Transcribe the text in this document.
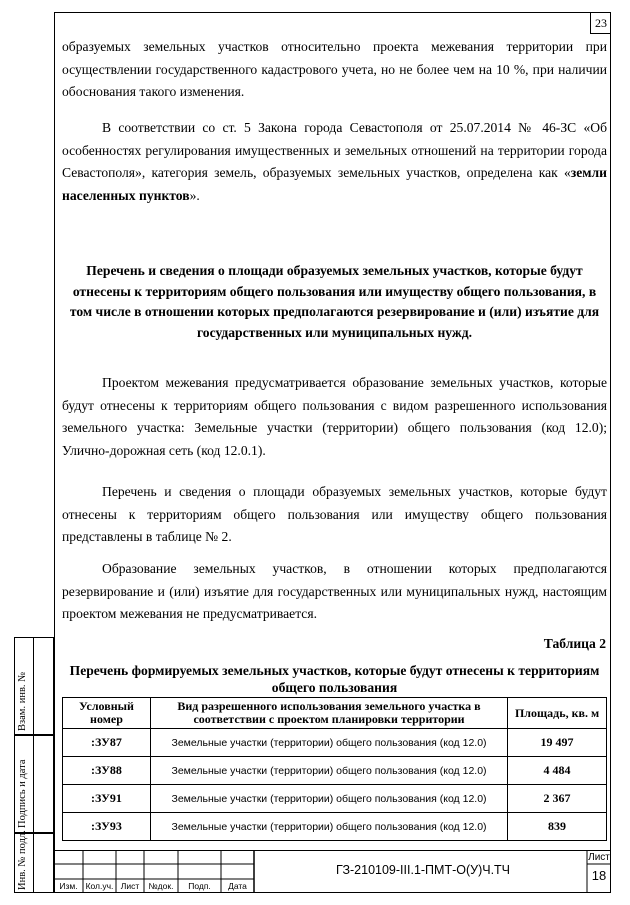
23

образуемых земельных участков относительно проекта межевания территории при осуществлении государственного кадастрового учета, но не более чем на 10 %, при наличии обоснования такого изменения.

В соответствии со ст. 5 Закона города Севастополя от 25.07.2014 № 46-ЗС «Об особенностях регулирования имущественных и земельных отношений на территории города Севастополя», категория земель, образуемых земельных участков, определена как «земли населенных пунктов».

Перечень и сведения о площади образуемых земельных участков, которые будут отнесены к территориям общего пользования или имуществу общего пользования, в том числе в отношении которых предполагаются резервирование и (или) изъятие для государственных или муниципальных нужд.

Проектом межевания предусматривается образование земельных участков, которые будут отнесены к территориям общего пользования с видом разрешенного использования земельного участка: Земельные участки (территории) общего пользования (код 12.0); Улично-дорожная сеть (код 12.0.1).

Перечень и сведения о площади образуемых земельных участков, которые будут отнесены к территориям общего пользования или имуществу общего пользования представлены в таблице № 2.

Образование земельных участков, в отношении которых предполагаются резервирование и (или) изъятие для государственных или муниципальных нужд, настоящим проектом межевания не предусматривается.

Таблица 2
Перечень формируемых земельных участков, которые будут отнесены к территориям общего пользования
Условный номер	Вид разрешенного использования земельного участка в соответствии с проектом планировки территории	Площадь, кв. м
:ЗУ87	Земельные участки (территории) общего пользования (код 12.0)	19 497
:ЗУ88	Земельные участки (территории) общего пользования (код 12.0)	4 484
:ЗУ91	Земельные участки (территории) общего пользования (код 12.0)	2 367
:ЗУ93	Земельные участки (территории) общего пользования (код 12.0)	839
Взам. инв. №
Подпись и дата
Инв. № подл.	Изм. Кол.уч. Лист	№док.	Подп.	Дата
ГЗ-210109-III.1-ПМТ-О(У)Ч.ТЧ
Лист
18
